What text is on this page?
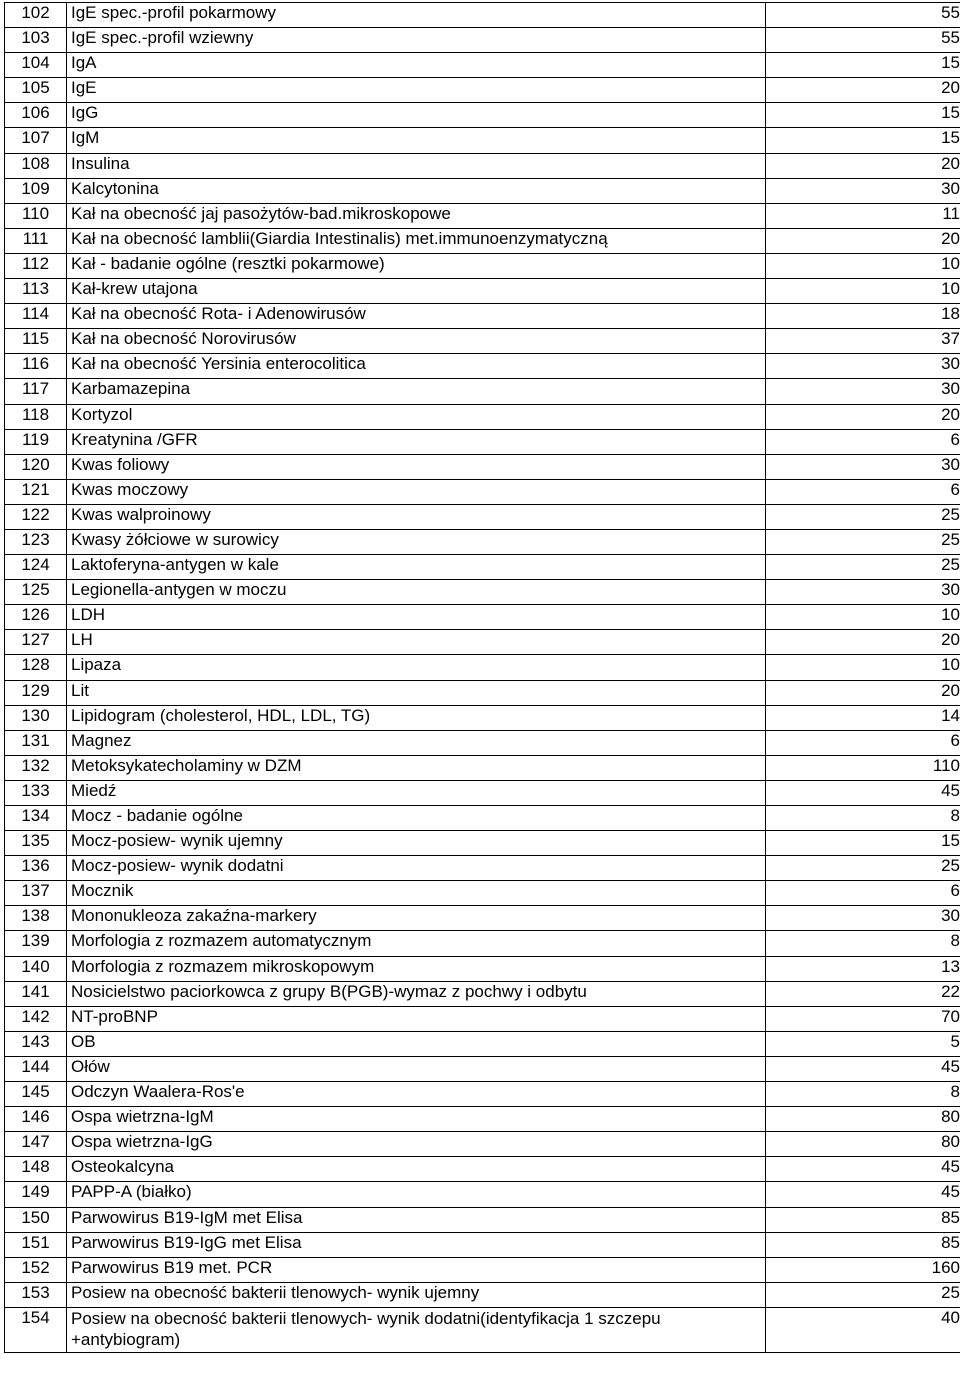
102	IgE spec.-profil pokarmowy	55
103	IgE spec.-profil wziewny	55
104	IgA	15
105	IgE	20
106	IgG	15
107	IgM	15
108	Insulina	20
109	Kalcytonina	30
110	Kał na obecność jaj pasożytów-bad.mikroskopowe	11
111	Kał na obecność lamblii(Giardia Intestinalis) met.immunoenzymatyczną	20
112	Kał - badanie ogólne (resztki pokarmowe)	10
113	Kał-krew utajona	10
114	Kał na obecność Rota- i Adenowirusów	18
115	Kał na obecność Norovirusów	37
116	Kał na obecność Yersinia enterocolitica	30
117	Karbamazepina	30
118	Kortyzol	20
119	Kreatynina /GFR	6
120	Kwas foliowy	30
121	Kwas moczowy	6
122	Kwas walproinowy	25
123	Kwasy żółciowe w surowicy	25
124	Laktoferyna-antygen w kale	25
125	Legionella-antygen w moczu	30
126	LDH	10
127	LH	20
128	Lipaza	10
129	Lit	20
130	Lipidogram (cholesterol, HDL, LDL, TG)	14
131	Magnez	6
132	Metoksykatecholaminy w DZM	110
133	Miedź	45
134	Mocz - badanie ogólne	8
135	Mocz-posiew- wynik ujemny	15
136	Mocz-posiew- wynik dodatni	25
137	Mocznik	6
138	Mononukleoza zakaźna-markery	30
139	Morfologia z rozmazem automatycznym	8
140	Morfologia z rozmazem mikroskopowym	13
141	Nosicielstwo paciorkowca z grupy B(PGB)-wymaz z pochwy i odbytu	22
142	NT-proBNP	70
143	OB	5
144	Ołów	45
145	Odczyn Waalera-Ros'e	8
146	Ospa wietrzna-IgM	80
147	Ospa wietrzna-IgG	80
148	Osteokalcyna	45
149	PAPP-A (białko)	45
150	Parwowirus B19-IgM met Elisa	85
151	Parwowirus B19-IgG met Elisa	85
152	Parwowirus B19 met. PCR	160
153	Posiew na obecność bakterii tlenowych- wynik ujemny	25
154	Posiew na obecność bakterii tlenowych- wynik dodatni(identyfikacja 1 szczepu +antybiogram)	40
